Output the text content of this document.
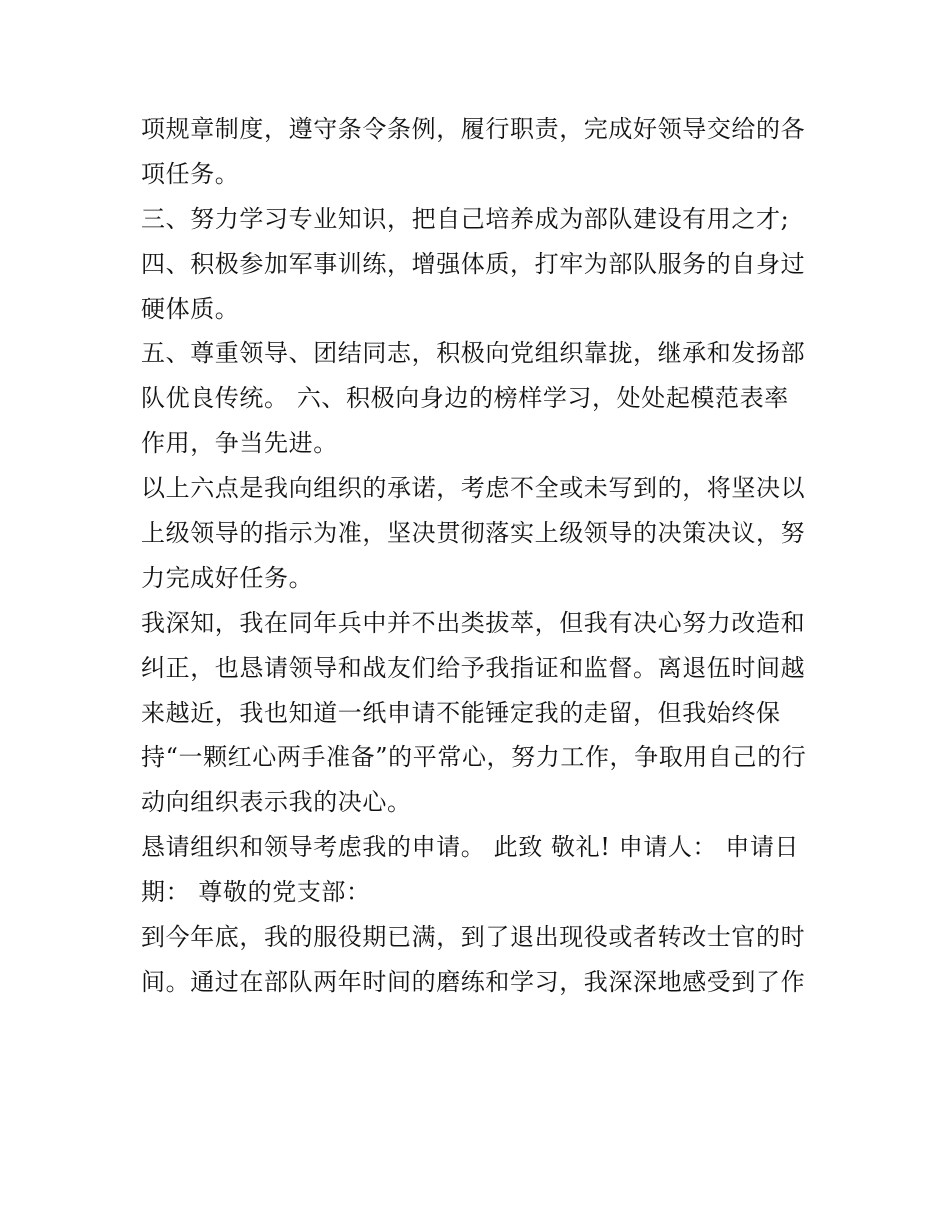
项规章制度，遵守条令条例，履行职责，完成好领导交给的各
项任务。
三、努力学习专业知识，把自己培养成为部队建设有用之才;
四、积极参加军事训练，增强体质，打牢为部队服务的自身过
硬体质。
五、尊重领导、团结同志，积极向党组织靠拢，继承和发扬部
队优良传统。 六、积极向身边的榜样学习，处处起模范表率
作用，争当先进。
以上六点是我向组织的承诺，考虑不全或未写到的，将坚决以
上级领导的指示为准，坚决贯彻落实上级领导的决策决议，努
力完成好任务。
我深知，我在同年兵中并不出类拔萃，但我有决心努力改造和
纠正，也恳请领导和战友们给予我指证和监督。离退伍时间越
来越近，我也知道一纸申请不能锤定我的走留，但我始终保
持“一颗红心两手准备”的平常心，努力工作，争取用自己的行
动向组织表示我的决心。
恳请组织和领导考虑我的申请。 此致 敬礼! 申请人： 申请日
期： 尊敬的党支部：
到今年底，我的服役期已满，到了退出现役或者转改士官的时
间。通过在部队两年时间的磨练和学习，我深深地感受到了作
